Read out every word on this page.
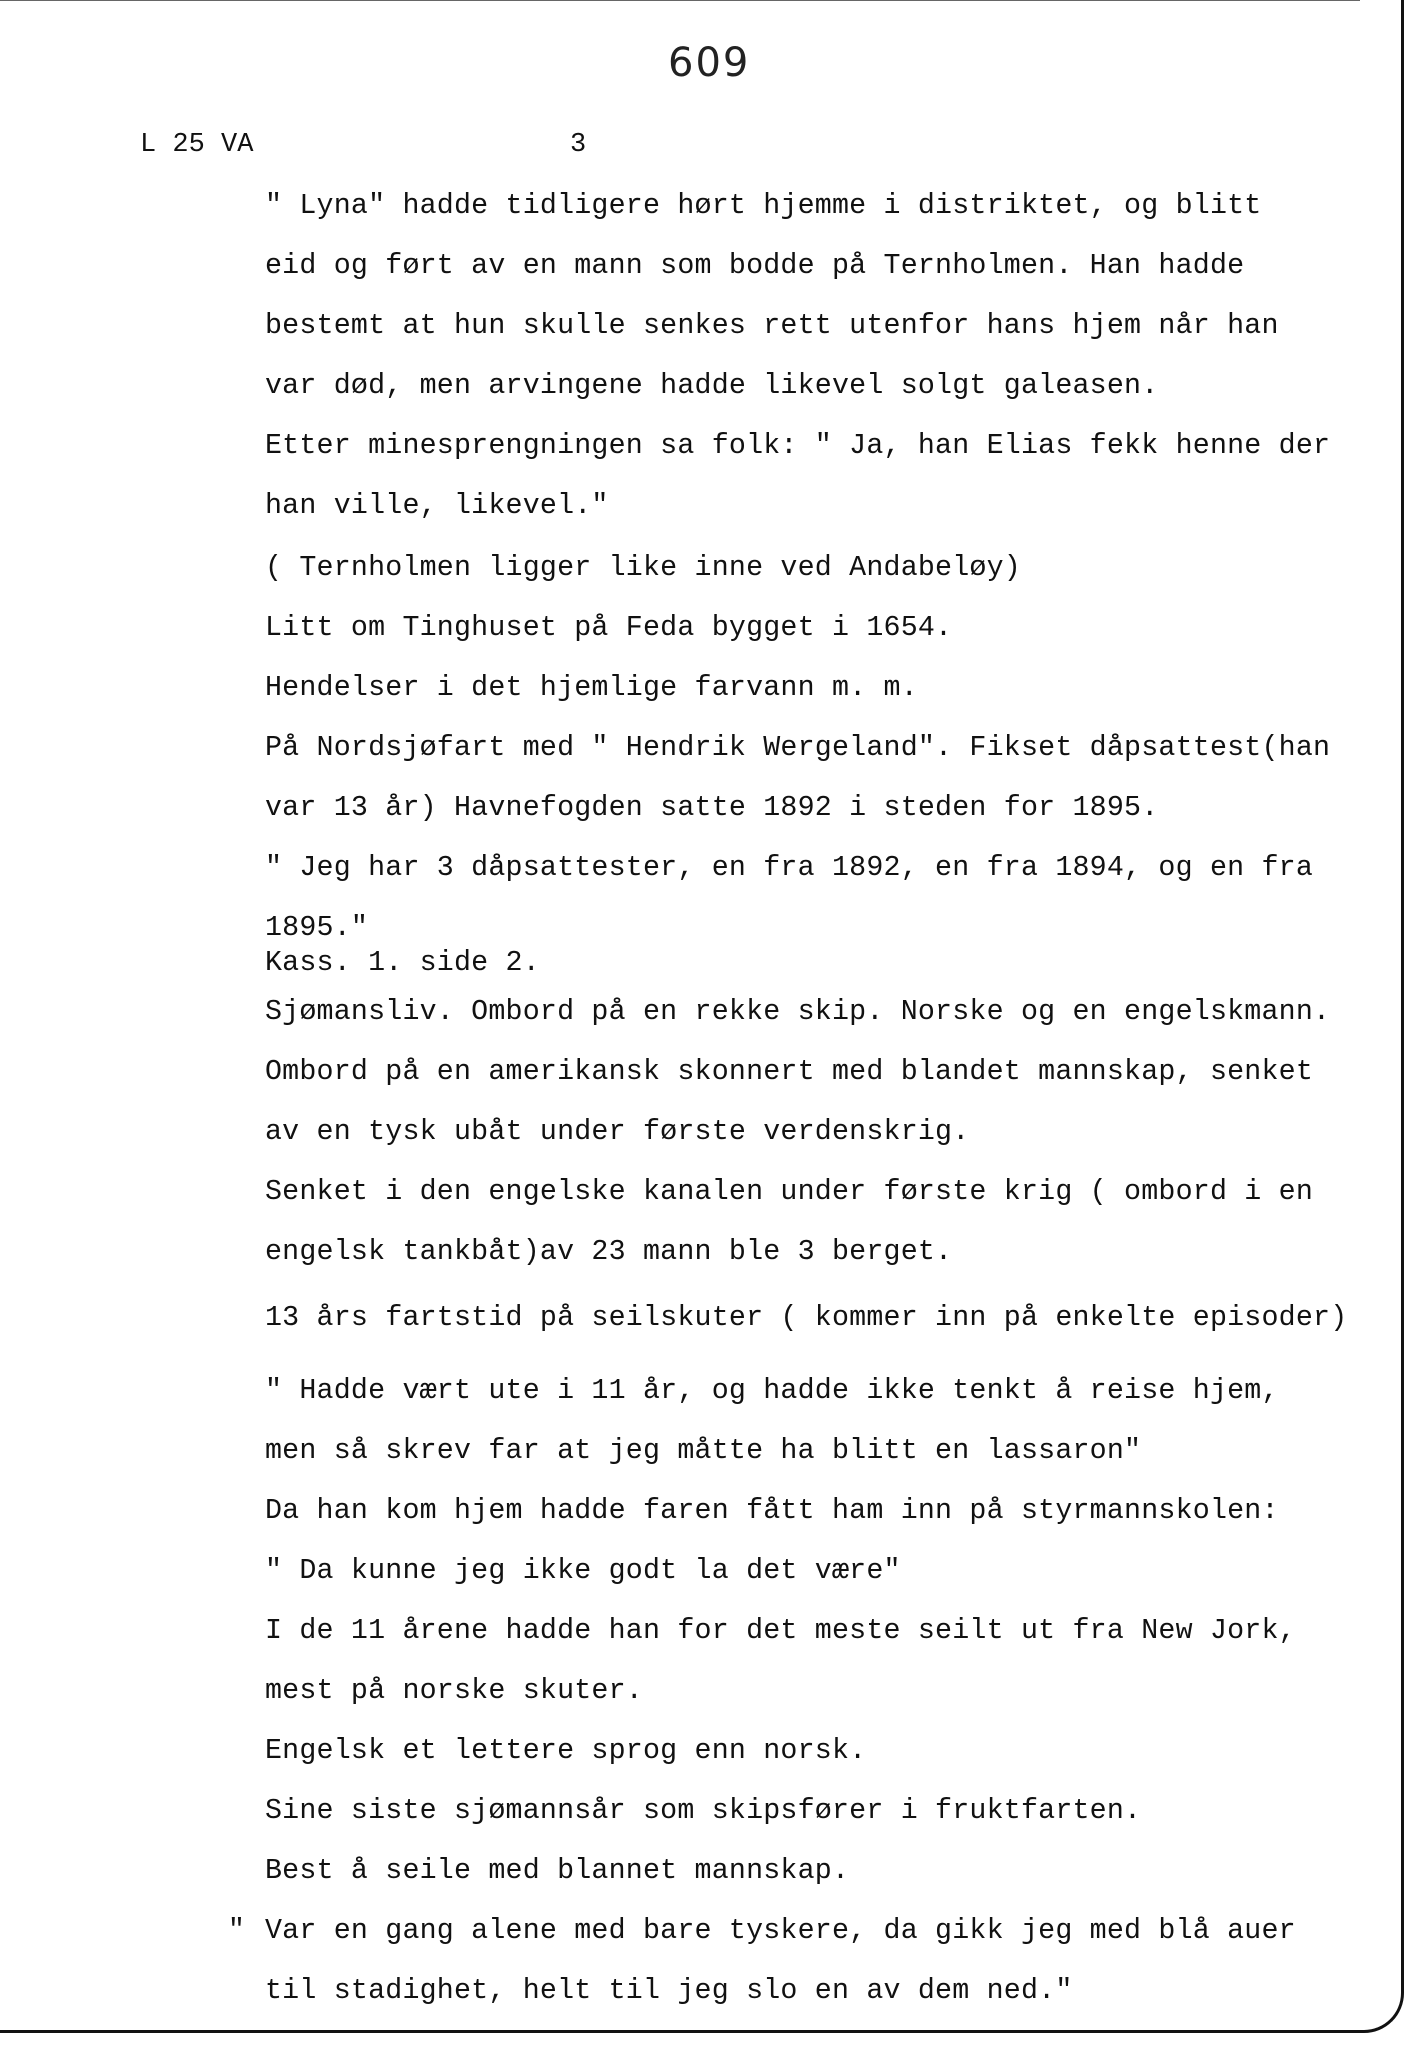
609
L 25 VA	3
" Lyna" hadde tidligere hørt hjemme i distriktet, og blitt
eid og ført av en mann som bodde på Ternholmen. Han hadde
bestemt at hun skulle senkes rett utenfor hans hjem når han
var død, men arvingene hadde likevel solgt galeasen.
Etter minesprengningen sa folk: " Ja, han Elias fekk henne der
han ville, likevel."
( Ternholmen ligger like inne ved Andabeløy)
Litt om Tinghuset på Feda bygget i 1654.
Hendelser i det hjemlige farvann m. m.
På Nordsjøfart med " Hendrik Wergeland". Fikset dåpsattest(han
var 13 år) Havnefogden satte 1892 i steden for 1895.
" Jeg har 3 dåpsattester, en fra 1892, en fra 1894, og en fra
1895."
Kass. 1. side 2.
Sjømansliv. Ombord på en rekke skip. Norske og en engelskmann.
Ombord på en amerikansk skonnert med blandet mannskap, senket
av en tysk ubåt under første verdenskrig.
Senket i den engelske kanalen under første krig ( ombord i en
engelsk tankbåt)av 23 mann ble 3 berget.
13 års fartstid på seilskuter ( kommer inn på enkelte episoder)
" Hadde vært ute i 11 år, og hadde ikke tenkt å reise hjem,
men så skrev far at jeg måtte ha blitt en lassaron"
Da han kom hjem hadde faren fått ham inn på styrmannskolen:
" Da kunne jeg ikke godt la det være"
I de 11 årene hadde han for det meste seilt ut fra New Jork,
mest på norske skuter.
Engelsk et lettere sprog enn norsk.
Sine siste sjømannsår som skipsfører i fruktfarten.
Best å seile med blannet mannskap.
" Var en gang alene med bare tyskere, da gikk jeg med blå auer
til stadighet, helt til jeg slo en av dem ned."
